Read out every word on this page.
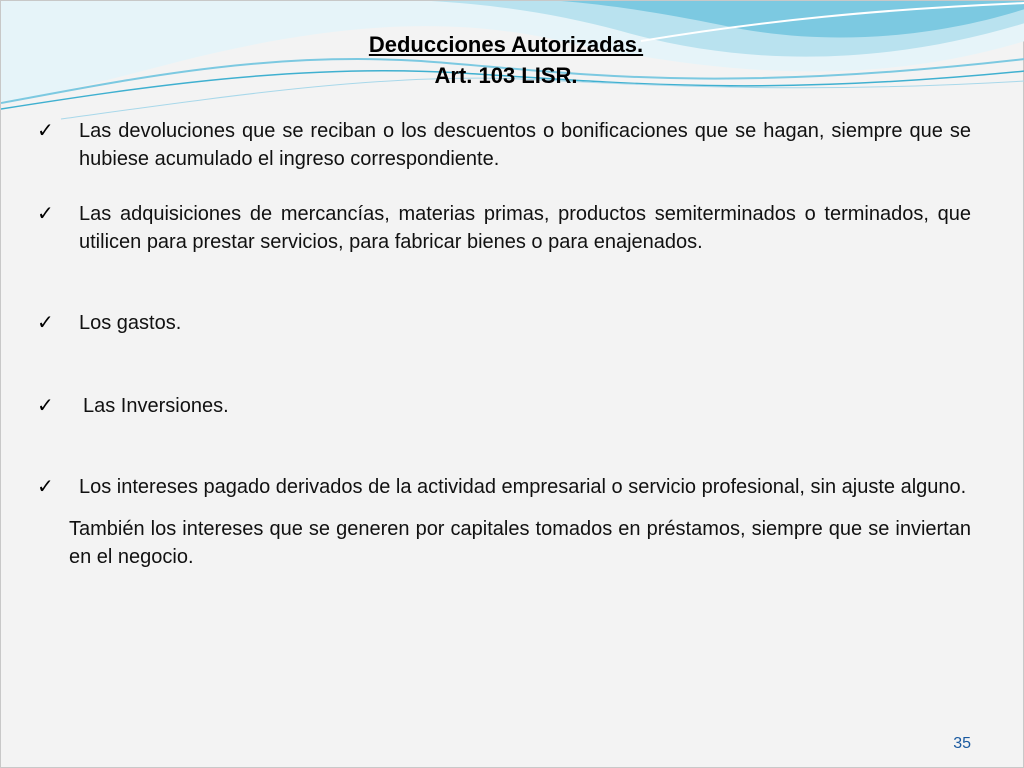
Deducciones Autorizadas.
Art. 103 LISR.
✓ Las devoluciones que se reciban o los descuentos o bonificaciones que se hagan, siempre que se hubiese acumulado el ingreso correspondiente.
✓ Las adquisiciones de mercancías, materias primas, productos semiterminados o terminados, que utilicen para prestar servicios, para fabricar bienes o para enajenados.
✓ Los gastos.
✓ Las Inversiones.
✓ Los intereses pagado derivados de la actividad empresarial o servicio profesional, sin ajuste alguno.
También los intereses que se generen por capitales tomados en préstamos, siempre que se inviertan en el negocio.
35
